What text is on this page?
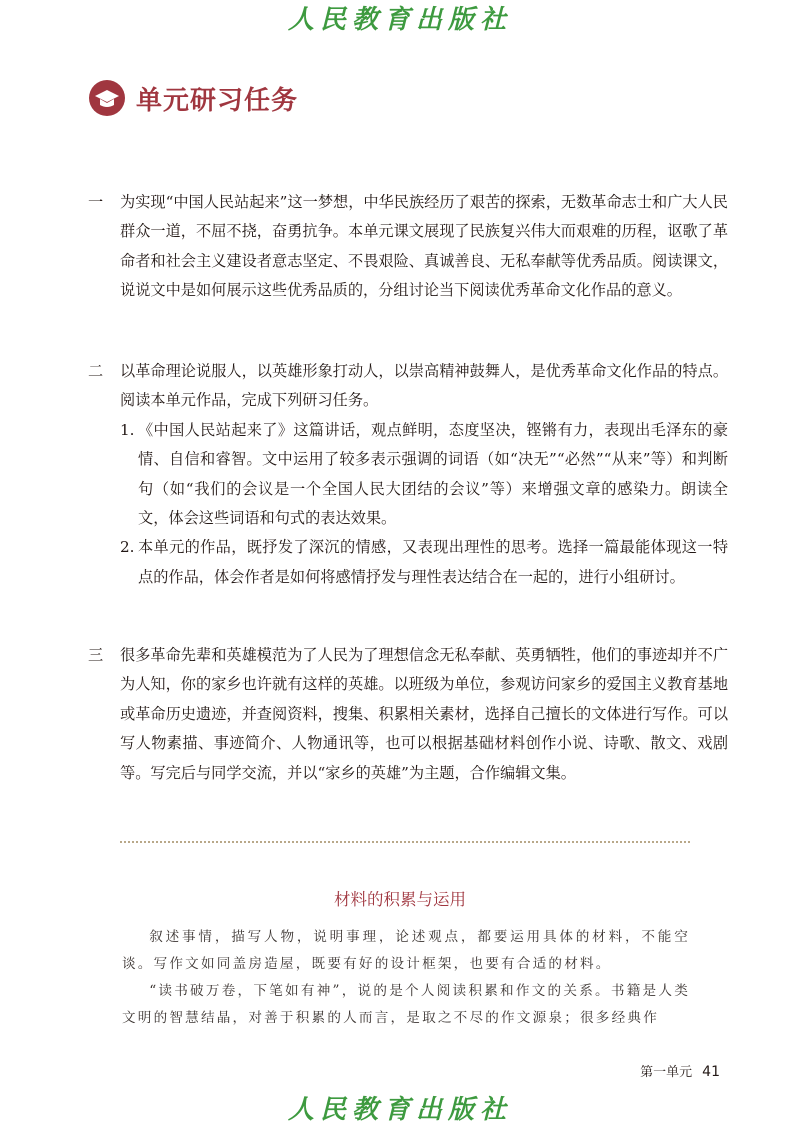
人民教育出版社
单元研习任务
一	为实现“中国人民站起来”这一梦想，中华民族经历了艰苦的探索，无数革命志士和广大人民群众一道，不屈不挠，奋勇抗争。本单元课文展现了民族复兴伟大而艰难的历程，讴歌了革命者和社会主义建设者意志坚定、不畏艰险、真诚善良、无私奉献等优秀品质。阅读课文，说说文中是如何展示这些优秀品质的，分组讨论当下阅读优秀革命文化作品的意义。
二	以革命理论说服人，以英雄形象打动人，以崇高精神鼓舞人，是优秀革命文化作品的特点。阅读本单元作品，完成下列研习任务。
1. 《中国人民站起来了》这篇讲话，观点鲜明，态度坚决，铿锵有力，表现出毛泽东的豪情、自信和睿智。文中运用了较多表示强调的词语（如“决无”“必然”“从来”等）和判断句（如“我们的会议是一个全国人民大团结的会议”等）来增强文章的感染力。朗读全文，体会这些词语和句式的表达效果。
2. 本单元的作品，既抒发了深沉的情感，又表现出理性的思考。选择一篇最能体现这一特点的作品，体会作者是如何将感情抒发与理性表达结合在一起的，进行小组研讨。
三	很多革命先辈和英雄模范为了人民为了理想信念无私奉献、英勇牺牲，他们的事迹却并不广为人知，你的家乡也许就有这样的英雄。以班级为单位，参观访问家乡的爱国主义教育基地或革命历史遗迹，并查阅资料，搜集、积累相关素材，选择自己擅长的文体进行写作。可以写人物素描、事迹简介、人物通讯等，也可以根据基础材料创作小说、诗歌、散文、戏剧等。写完后与同学交流，并以“家乡的英雄”为主题，合作编辑文集。
材料的积累与运用

叙述事情，描写人物，说明事理，论述观点，都要运用具体的材料，不能空谈。写作文如同盖房造屋，既要有好的设计框架，也要有合适的材料。

“读书破万卷，下笔如有神”，说的是个人阅读积累和作文的关系。书籍是人类文明的智慧结晶，对善于积累的人而言，是取之不尽的作文源泉；很多经典作

第一单元 41
人民教育出版社
